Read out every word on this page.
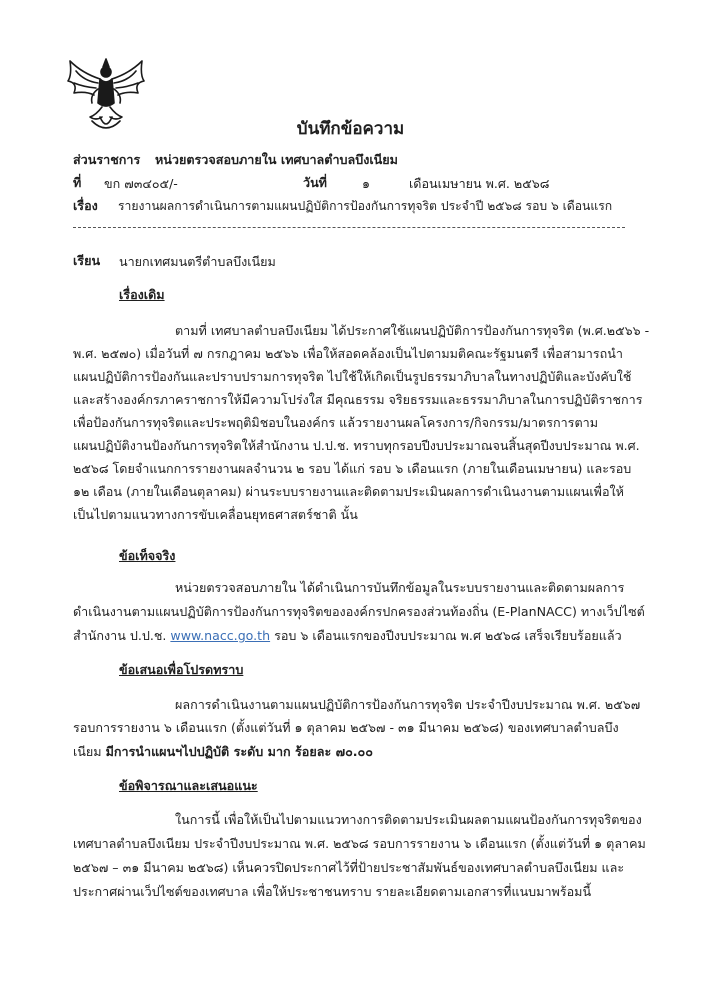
บันทึกข้อความ
ส่วนราชการ หน่วยตรวจสอบภายใน เทศบาลตำบลบึงเนียม
ที่ ขก ๗๓๔๐๕/-	วันที่	๑	เดือนเมษายน พ.ศ. ๒๕๖๘
เรื่อง รายงานผลการดำเนินการตามแผนปฏิบัติการป้องกันการทุจริต ประจำปี ๒๕๖๘ รอบ ๖ เดือนแรก
เรียน นายกเทศมนตรีตำบลบึงเนียม
เรื่องเดิม
ตามที่ เทศบาลตำบลบึงเนียม ได้ประกาศใช้แผนปฏิบัติการป้องกันการทุจริต (พ.ศ.๒๕๖๖ -
พ.ศ. ๒๕๗๐) เมื่อวันที่ ๗ กรกฎาคม ๒๕๖๖ เพื่อให้สอดคล้องเป็นไปตามมติคณะรัฐมนตรี เพื่อสามารถนำ
แผนปฏิบัติการป้องกันและปราบปรามการทุจริต ไปใช้ให้เกิดเป็นรูปธรรมาภิบาลในทางปฏิบัติและบังคับใช้
และสร้างองค์กรภาคราชการให้มีความโปร่งใส มีคุณธรรม จริยธรรมและธรรมาภิบาลในการปฏิบัติราชการ
เพื่อป้องกันการทุจริตและประพฤติมิชอบในองค์กร แล้วรายงานผลโครงการ/กิจกรรม/มาตรการตาม
แผนปฏิบัติงานป้องกันการทุจริตให้สำนักงาน ป.ป.ช. ทราบทุกรอบปีงบประมาณจนสิ้นสุดปีงบประมาณ พ.ศ.
๒๕๖๘ โดยจำแนกการรายงานผลจำนวน ๒ รอบ ได้แก่ รอบ ๖ เดือนแรก (ภายในเดือนเมษายน) และรอบ
๑๒ เดือน (ภายในเดือนตุลาคม) ผ่านระบบรายงานและติดตามประเมินผลการดำเนินงานตามแผนเพื่อให้
เป็นไปตามแนวทางการขับเคลื่อนยุทธศาสตร์ชาติ นั้น
ข้อเท็จจริง
หน่วยตรวจสอบภายใน ได้ดำเนินการบันทึกข้อมูลในระบบรายงานและติดตามผลการ
ดำเนินงานตามแผนปฏิบัติการป้องกันการทุจริตขององค์กรปกครองส่วนท้องถิ่น (E-PlanNACC) ทางเว็ปไซต์
สำนักงาน ป.ป.ช. www.nacc.go.th รอบ ๖ เดือนแรกของปีงบประมาณ พ.ศ ๒๕๖๘ เสร็จเรียบร้อยแล้ว
ข้อเสนอเพื่อโปรดทราบ
ผลการดำเนินงานตามแผนปฏิบัติการป้องกันการทุจริต ประจำปีงบประมาณ พ.ศ. ๒๕๖๗
รอบการรายงาน ๖ เดือนแรก (ตั้งแต่วันที่ ๑ ตุลาคม ๒๕๖๗ - ๓๑ มีนาคม ๒๕๖๘) ของเทศบาลตำบลบึง
เนียม มีการนำแผนฯไปปฏิบัติ ระดับ มาก ร้อยละ ๗๐.๐๐
ข้อพิจารณาและเสนอแนะ
ในการนี้ เพื่อให้เป็นไปตามแนวทางการติดตามประเมินผลตามแผนป้องกันการทุจริตของ
เทศบาลตำบลบึงเนียม ประจำปีงบประมาณ พ.ศ. ๒๕๖๘ รอบการรายงาน ๖ เดือนแรก (ตั้งแต่วันที่ ๑ ตุลาคม
๒๕๖๗ – ๓๑ มีนาคม ๒๕๖๘) เห็นควรปิดประกาศไว้ที่ป้ายประชาสัมพันธ์ของเทศบาลตำบลบึงเนียม และ
ประกาศผ่านเว็ปไซต์ของเทศบาล เพื่อให้ประชาชนทราบ รายละเอียดตามเอกสารที่แนบมาพร้อมนี้
